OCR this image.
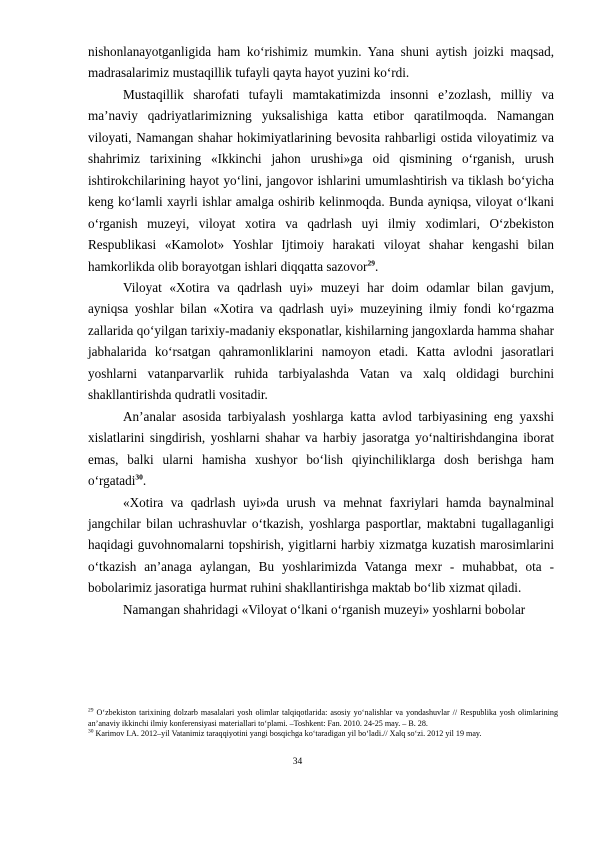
nishonlanayotganligida ham ko‘rishimiz mumkin. Yana shuni aytish joizki maqsad, madrasalarimiz mustaqillik tufayli qayta hayot yuzini ko‘rdi.

Mustaqillik sharofati tufayli mamtakatimizda insonni e’zozlash, milliy va ma’naviy qadriyatlarimizning yuksalishiga katta etibor qaratilmoqda. Namangan viloyati, Namangan shahar hokimiyatlarining bevosita rahbarligi ostida viloyatimiz va shahrimiz tarixining «Ikkinchi jahon urushi»ga oid qismining o‘rganish, urush ishtirokchilarining hayot yo‘lini, jangovor ishlarini umumlashtirish va tiklash bo‘yicha keng ko‘lamli xayrli ishlar amalga oshirib kelinmoqda. Bunda ayniqsa, viloyat o‘lkani o‘rganish muzeyi, viloyat xotira va qadrlash uyi ilmiy xodimlari, O‘zbekiston Respublikasi «Kamolot» Yoshlar Ijtimoiy harakati viloyat shahar kengashi bilan hamkorlikda olib borayotgan ishlari diqqatta sazovor$^{29}$.

Viloyat «Xotira va qadrlash uyi» muzeyi har doim odamlar bilan gavjum, ayniqsa yoshlar bilan «Xotira va qadrlash uyi» muzeyining ilmiy fondi ko‘rgazma zallarida qo‘yilgan tarixiy-madaniy eksponatlar, kishilarning jangoxlarda hamma shahar jabhalarida ko‘rsatgan qahramonliklarini namoyon etadi. Katta avlodni jasoratlari yoshlarni vatanparvarlik ruhida tarbiyalashda Vatan va xalq oldidagi burchini shakllantirishda qudratli vositadir.

An’analar asosida tarbiyalash yoshlarga katta avlod tarbiyasining eng yaxshi xislatlarini singdirish, yoshlarni shahar va harbiy jasoratga yo‘naltirishdangina iborat emas, balki ularni hamisha xushyor bo‘lish qiyinchiliklarga dosh berishga ham o‘rgatadi$^{30}$.

«Xotira va qadrlash uyi»da urush va mehnat faxriylari hamda baynalminal jangchilar bilan uchrashuvlar o‘tkazish, yoshlarga pasportlar, maktabni tugallaganligi haqidagi guvohnomalarni topshirish, yigitlarni harbiy xizmatga kuzatish marosimlarini o‘tkazish an’anaga aylangan, Bu yoshlarimizda Vatanga mexr - muhabbat, ota - bobolarimiz jasoratiga hurmat ruhini shakllantirishga maktab bo‘lib xizmat qiladi.

Namangan shahridagi «Viloyat o‘lkani o‘rganish muzeyi» yoshlarni bobolar

$^{29}$ O‘zbekiston tarixining dolzarb masalalari yosh olimlar talqiqotlarida: asosiy yo‘nalishlar va yondashuvlar // Respublika yosh olimlarining an’anaviy ikkinchi ilmiy konferensiyasi materiallari to‘plami. –Toshkent: Fan. 2010. 24-25 may. – B. 28.

$^{30}$ Karimov I.A. 2012–yil Vatanimiz taraqqiyotini yangi bosqichga ko‘taradigan yil bo‘ladi.// Xalq so‘zi. 2012 yil 19 may.

34
